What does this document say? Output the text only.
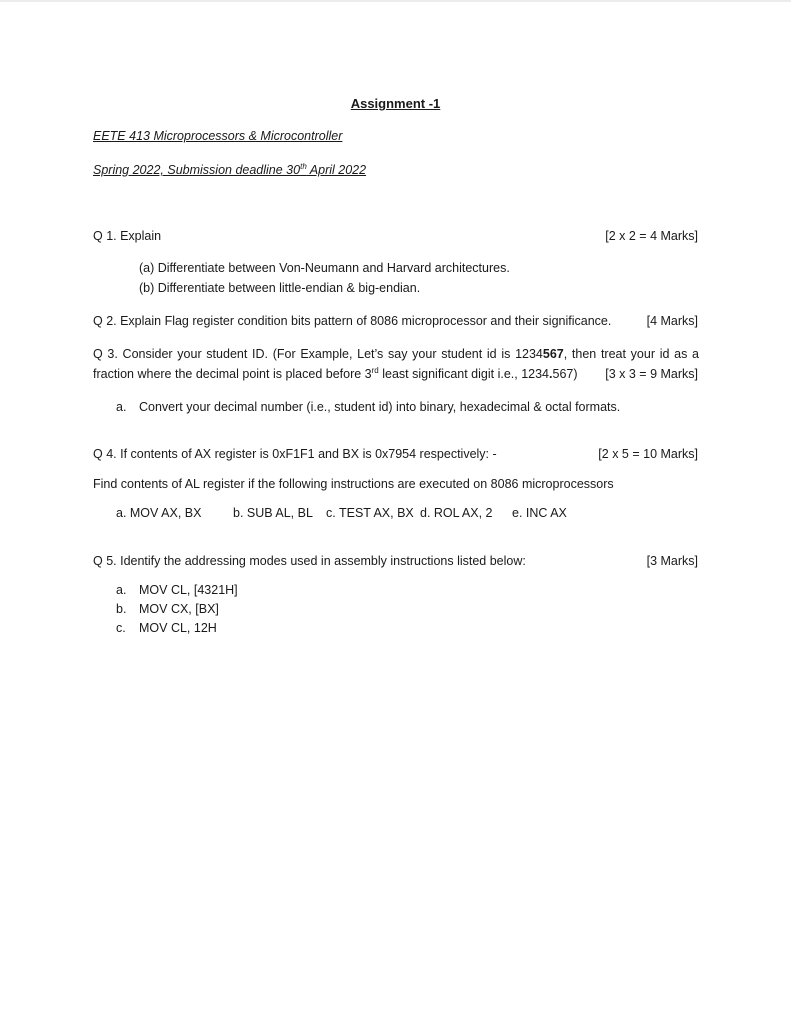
Assignment -1
EETE 413 Microprocessors & Microcontroller
Spring 2022, Submission deadline 30th April 2022
Q 1. Explain	[2 x 2 = 4 Marks]
(a) Differentiate between Von-Neumann and Harvard architectures.
(b) Differentiate between little-endian & big-endian.
Q 2. Explain Flag register condition bits pattern of 8086 microprocessor and their significance.	[4 Marks]
Q 3. Consider your student ID. (For Example, Let’s say your student id is 1234567, then treat your id as a fraction where the decimal point is placed before 3rd least significant digit i.e., 1234.567)	[3 x 3 = 9 Marks]
a. Convert your decimal number (i.e., student id) into binary, hexadecimal & octal formats.
Q 4. If contents of AX register is 0xF1F1 and BX is 0x7954 respectively: -	[2 x 5 = 10 Marks]
Find contents of AL register if the following instructions are executed on 8086 microprocessors
a. MOV AX, BX	b. SUB AL, BL c. TEST AX, BX d. ROL AX, 2 e. INC AX
Q 5. Identify the addressing modes used in assembly instructions listed below:	[3 Marks]
a. MOV CL, [4321H]
b. MOV CX, [BX]
c. MOV CL, 12H
